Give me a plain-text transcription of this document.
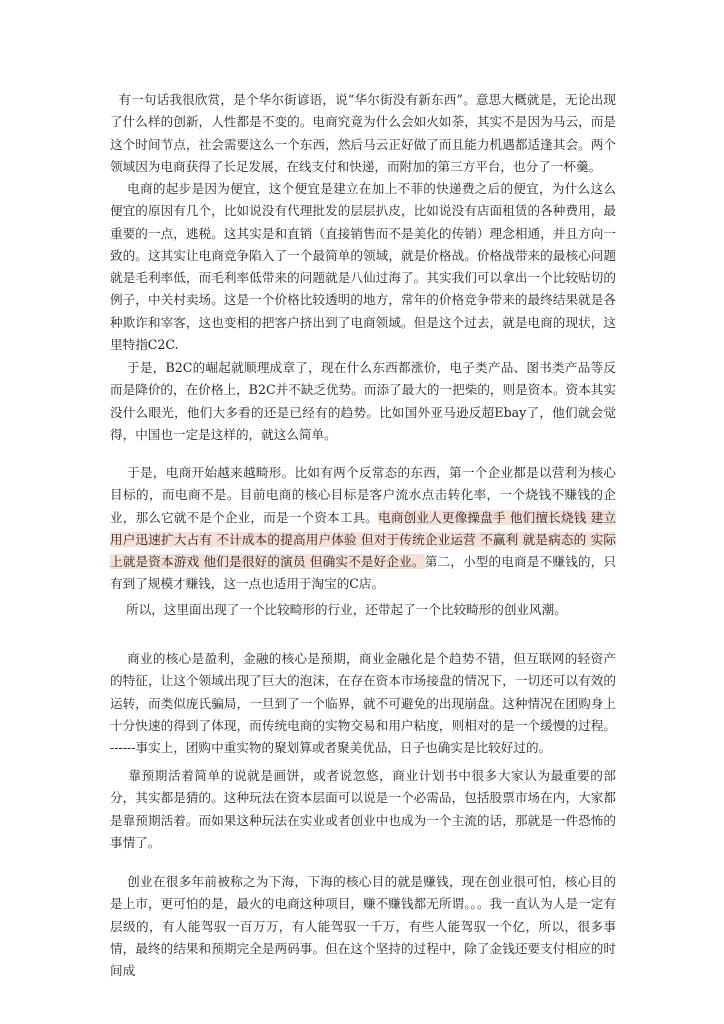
有一句话我很欣赏，是个华尔街谚语，说“华尔街没有新东西”。意思大概就是，无论出现了什么样的创新，人性都是不变的。电商究竟为什么会如火如荼，其实不是因为马云，而是这个时间节点，社会需要这么一个东西，然后马云正好做了而且能力机遇都适逢其会。两个领域因为电商获得了长足发展，在线支付和快递，而附加的第三方平台，也分了一杯羹。

电商的起步是因为便宜，这个便宜是建立在加上不菲的快递费之后的便宜，为什么这么便宜的原因有几个，比如说没有代理批发的层层扒皮，比如说没有店面租赁的各种费用，最重要的一点，逃税。这其实是和直销（直接销售而不是美化的传销）理念相通，并且方向一致的。这其实让电商竞争陷入了一个最简单的领域，就是价格战。价格战带来的最核心问题就是毛利率低，而毛利率低带来的问题就是八仙过海了。其实我们可以拿出一个比较贴切的例子，中关村卖场。这是一个价格比较透明的地方，常年的价格竞争带来的最终结果就是各种欺诈和宰客，这也变相的把客户挤出到了电商领域。但是这个过去，就是电商的现状，这里特指C2C.

于是，B2C的崛起就顺理成章了，现在什么东西都涨价，电子类产品、图书类产品等反而是降价的，在价格上，B2C并不缺乏优势。而添了最大的一把柴的，则是资本。资本其实没什么眼光，他们大多看的还是已经有的趋势。比如国外亚马逊反超Ebay了，他们就会觉得，中国也一定是这样的，就这么简单。

于是，电商开始越来越畸形。比如有两个反常态的东西，第一个企业都是以营利为核心目标的，而电商不是。目前电商的核心目标是客户流水点击转化率，一个烧钱不赚钱的企业，那么它就不是个企业，而是一个资本工具。电商创业人更像操盘手 他们擅长烧钱 建立用户迅速扩大占有 不计成本的提高用户体验 但对于传统企业运营 不赢利 就是病态的 实际上就是资本游戏 他们是很好的演员 但确实不是好企业。第二，小型的电商是不赚钱的，只有到了规模才赚钱，这一点也适用于淘宝的C店。

所以，这里面出现了一个比较畸形的行业，还带起了一个比较畸形的创业风潮。

商业的核心是盈利，金融的核心是预期，商业金融化是个趋势不错，但互联网的轻资产的特征，让这个领域出现了巨大的泡沫，在存在资本市场接盘的情况下，一切还可以有效的运转，而类似庞氏骗局，一旦到了一个临界，就不可避免的出现崩盘。这种情况在团购身上十分快速的得到了体现，而传统电商的实物交易和用户粘度，则相对的是一个缓慢的过程。------事实上，团购中重实物的聚划算或者聚美优品，日子也确实是比较好过的。

靠预期活着简单的说就是画饼，或者说忽悠，商业计划书中很多大家认为最重要的部分，其实都是猜的。这种玩法在资本层面可以说是一个必需品，包括股票市场在内，大家都是靠预期活着。而如果这种玩法在实业或者创业中也成为一个主流的话，那就是一件恐怖的事情了。

创业在很多年前被称之为下海，下海的核心目的就是赚钱，现在创业很可怕，核心目的是上市，更可怕的是，最火的电商这种项目，赚不赚钱都无所谓。。。我一直认为人是一定有层级的，有人能驾驭一百万万，有人能驾驭一千万，有些人能驾驭一个亿，所以，很多事情，最终的结果和预期完全是两码事。但在这个坚持的过程中，除了金钱还要支付相应的时间成
